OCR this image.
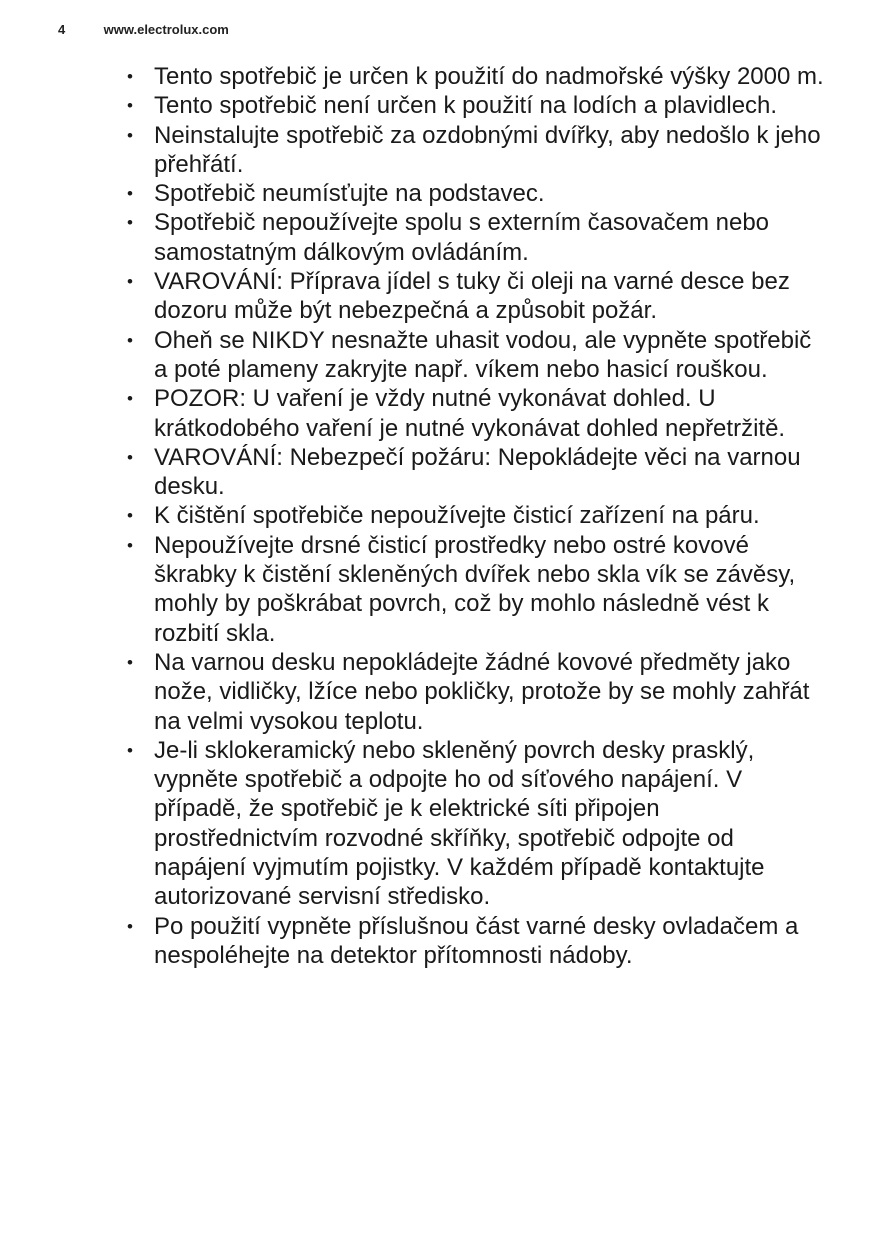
4	www.electrolux.com
• Tento spotřebič je určen k použití do nadmořské výšky 2000 m.
• Tento spotřebič není určen k použití na lodích a plavidlech.
• Neinstalujte spotřebič za ozdobnými dvířky, aby nedošlo k jeho přehřátí.
• Spotřebič neumísťujte na podstavec.
• Spotřebič nepoužívejte spolu s externím časovačem nebo samostatným dálkovým ovládáním.
• VAROVÁNÍ: Příprava jídel s tuky či oleji na varné desce bez dozoru může být nebezpečná a způsobit požár.
• Oheň se NIKDY nesnažte uhasit vodou, ale vypněte spotřebič a poté plameny zakryjte např. víkem nebo hasicí rouškou.
• POZOR: U vaření je vždy nutné vykonávat dohled. U krátkodobého vaření je nutné vykonávat dohled nepřetržitě.
• VAROVÁNÍ: Nebezpečí požáru: Nepokládejte věci na varnou desku.
• K čištění spotřebiče nepoužívejte čisticí zařízení na páru.
• Nepoužívejte drsné čisticí prostředky nebo ostré kovové škrabky k čistění skleněných dvířek nebo skla vík se závěsy, mohly by poškrábat povrch, což by mohlo následně vést k rozbití skla.
• Na varnou desku nepokládejte žádné kovové předměty jako nože, vidličky, lžíce nebo pokličky, protože by se mohly zahřát na velmi vysokou teplotu.
• Je-li sklokeramický nebo skleněný povrch desky prasklý, vypněte spotřebič a odpojte ho od síťového napájení. V případě, že spotřebič je k elektrické síti připojen prostřednictvím rozvodné skříňky, spotřebič odpojte od napájení vyjmutím pojistky. V každém případě kontaktujte autorizované servisní středisko.
• Po použití vypněte příslušnou část varné desky ovladačem a nespoléhejte na detektor přítomnosti nádoby.
